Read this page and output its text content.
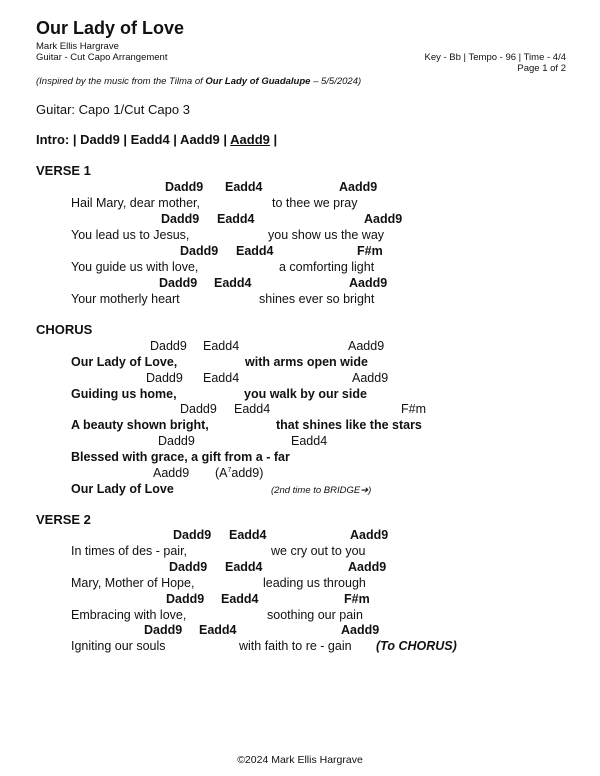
Our Lady of Love
Mark Ellis Hargrave
Guitar - Cut Capo Arrangement	Key - Bb | Tempo - 96 | Time - 4/4
Page 1 of 2
(Inspired by the music from the Tilma of Our Lady of Guadalupe – 5/5/2024)
Guitar: Capo 1/Cut Capo 3
Intro: | Dadd9 | Eadd4 | Aadd9 | Aadd9 |
VERSE 1
Dadd9 Eadd4	Aadd9
Hail Mary, dear mother,	to thee we pray
Dadd9 Eadd4	Aadd9
You lead us to Jesus,	you show us the way
Dadd9 Eadd4	F#m
You guide us with love,	a comforting light
Dadd9 Eadd4	Aadd9
Your motherly heart	shines ever so bright
CHORUS
Dadd9 Eadd4	Aadd9
Our Lady of Love,	with arms open wide
Dadd9 Eadd4	Aadd9
Guiding us home,	you walk by our side
Dadd9 Eadd4	F#m
A beauty shown bright,	that shines like the stars
Dadd9	Eadd4
Blessed with grace, a gift from a - far
Aadd9 $(A^7add9)$
Our Lady of Love	(2nd time to BRIDGE➔)
VERSE 2
Dadd9 Eadd4	Aadd9
In times of des - pair,	we cry out to you
Dadd9 Eadd4	Aadd9
Mary, Mother of Hope,	leading us through
Dadd9 Eadd4	F#m
Embracing with love,	soothing our pain
Dadd9 Eadd4	Aadd9
Igniting our souls	with faith to re - gain (To CHORUS)
©2024 Mark Ellis Hargrave
